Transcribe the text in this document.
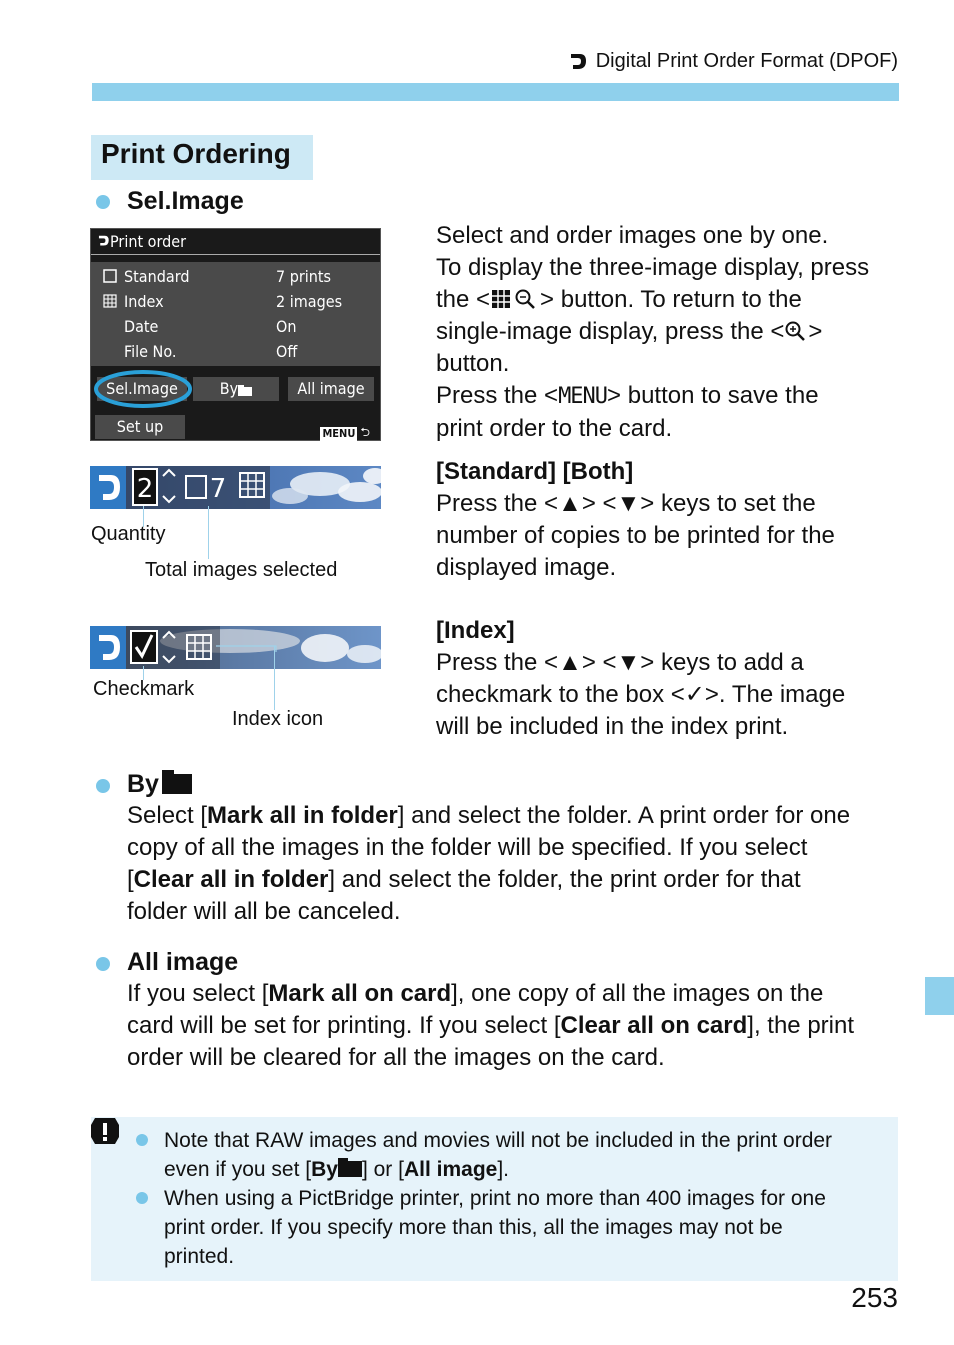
Digital Print Order Format (DPOF)
Print Ordering
Sel.Image
Print order
Standard	7 prints
Index	2 images
Date	On
File No.	Off
Sel.Image	By	All image
Set up	MENU ⮌
2 7
Quantity
Total images selected
Checkmark
Index icon
Select and order images one by one.
To display the three-image display, press
the < > button. To return to the
single-image display, press the < >
button.
Press the <MENU> button to save the
print order to the card.
[Standard] [Both]
Press the <▲> <▼> keys to set the
number of copies to be printed for the
displayed image.
[Index]
Press the <▲> <▼> keys to add a
checkmark to the box <✓>. The image
will be included in the index print.
By
Select [Mark all in folder] and select the folder. A print order for one
copy of all the images in the folder will be specified. If you select
[Clear all in folder] and select the folder, the print order for that
folder will all be canceled.
All image
If you select [Mark all on card], one copy of all the images on the
card will be set for printing. If you select [Clear all on card], the print
order will be cleared for all the images on the card.
Note that RAW images and movies will not be included in the print order
even if you set [By ] or [All image].
When using a PictBridge printer, print no more than 400 images for one
print order. If you specify more than this, all the images may not be
printed.
253
